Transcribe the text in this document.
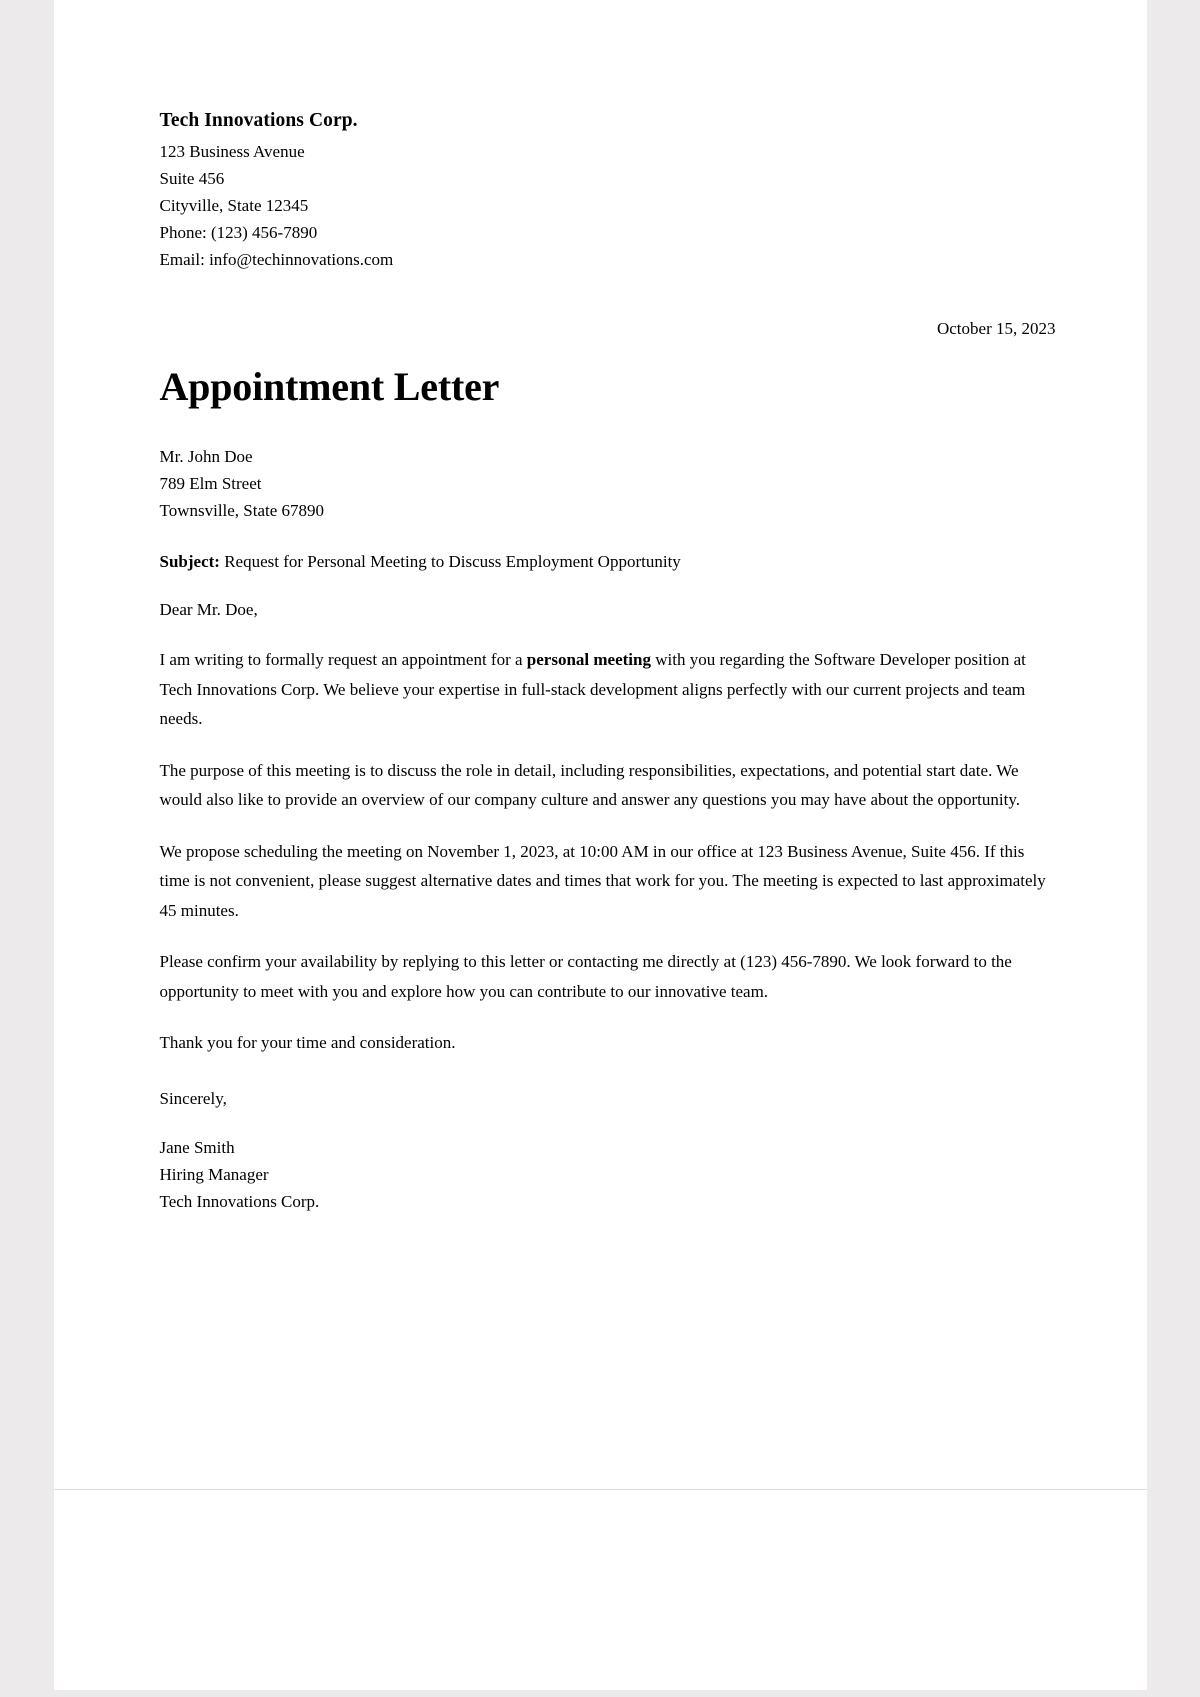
Tech Innovations Corp.
123 Business Avenue
Suite 456
Cityville, State 12345
Phone: (123) 456-7890
Email: info@techinnovations.com
October 15, 2023
Appointment Letter
Mr. John Doe
789 Elm Street
Townsville, State 67890
Subject: Request for Personal Meeting to Discuss Employment Opportunity
Dear Mr. Doe,

I am writing to formally request an appointment for a personal meeting with you regarding the Software Developer position at Tech Innovations Corp. We believe your expertise in full-stack development aligns perfectly with our current projects and team needs.

The purpose of this meeting is to discuss the role in detail, including responsibilities, expectations, and potential start date. We would also like to provide an overview of our company culture and answer any questions you may have about the opportunity.

We propose scheduling the meeting on November 1, 2023, at 10:00 AM in our office at 123 Business Avenue, Suite 456. If this time is not convenient, please suggest alternative dates and times that work for you. The meeting is expected to last approximately 45 minutes.

Please confirm your availability by replying to this letter or contacting me directly at (123) 456-7890. We look forward to the opportunity to meet with you and explore how you can contribute to our innovative team.

Thank you for your time and consideration.

Sincerely,
Jane Smith
Hiring Manager
Tech Innovations Corp.
